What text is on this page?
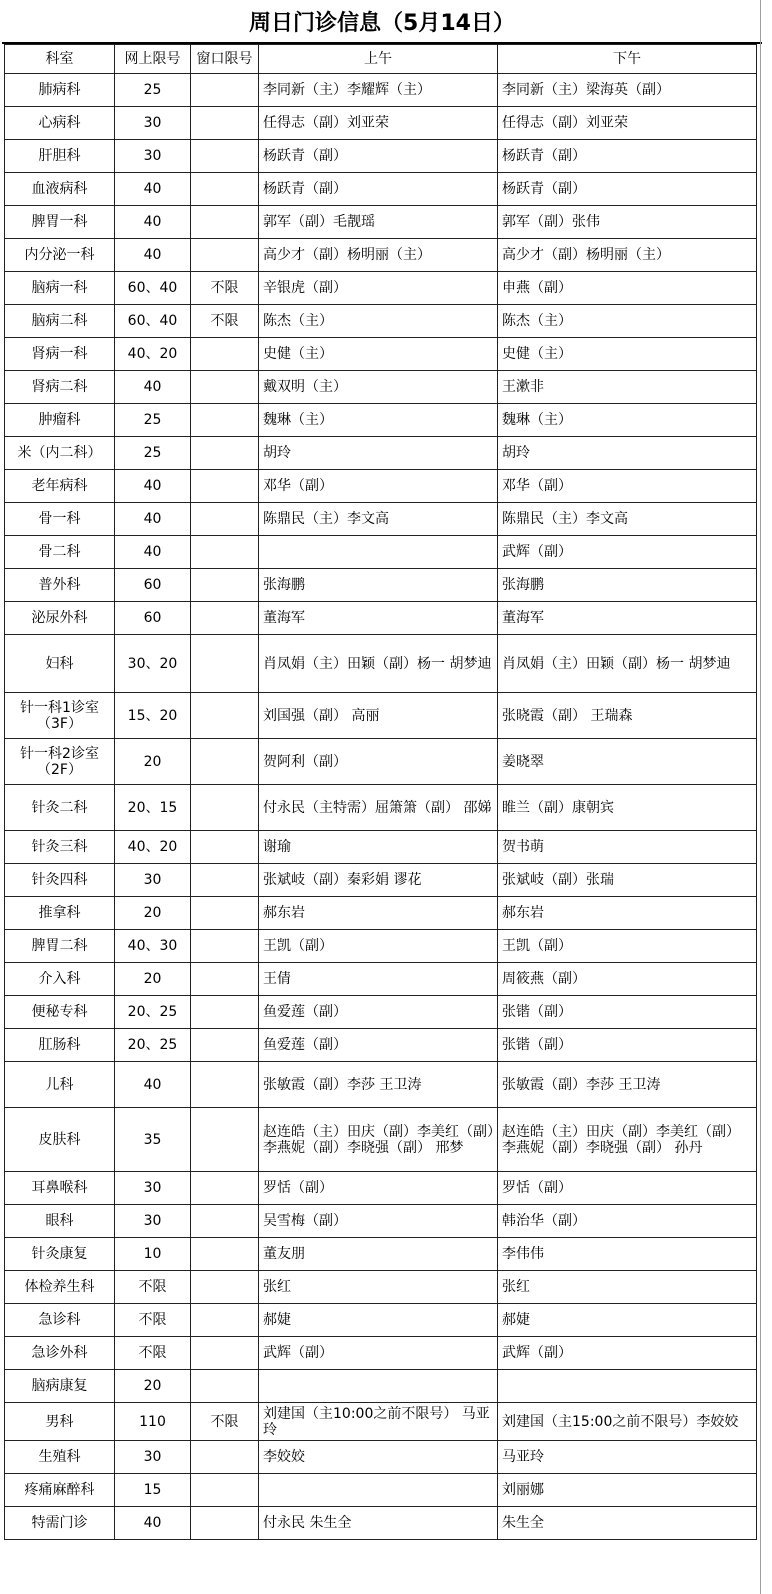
周日门诊信息（5月14日）
科室	网上限号	窗口限号	上午	下午
肺病科	25		李同新（主）李耀辉（主）	李同新（主）梁海英（副）
心病科	30		任得志（副）刘亚荣	任得志（副）刘亚荣
肝胆科	30		杨跃青（副）	杨跃青（副）
血液病科	40		杨跃青（副）	杨跃青（副）
脾胃一科	40		郭军（副）毛靓瑶	郭军（副）张伟
内分泌一科	40		高少才（副）杨明丽（主）	高少才（副）杨明丽（主）
脑病一科	60、40	不限	辛银虎（副）	申燕（副）
脑病二科	60、40	不限	陈杰（主）	陈杰（主）
肾病一科	40、20		史健（主）	史健（主）
肾病二科	40		戴双明（主）	王漱非
肿瘤科	25		魏琳（主）	魏琳（主）
米（内二科）	25		胡玲	胡玲
老年病科	40		邓华（副）	邓华（副）
骨一科	40		陈鼎民（主）李文高	陈鼎民（主）李文高
骨二科	40			武辉（副）
普外科	60		张海鹏	张海鹏
泌尿外科	60		董海军	董海军
妇科	30、20		肖凤娟（主）田颖（副）杨一 胡梦迪	肖凤娟（主）田颖（副）杨一 胡梦迪
针一科1诊室（3F）	15、20		刘国强（副） 高丽	张晓霞（副） 王瑞森
针一科2诊室（2F）	20		贺阿利（副）	姜晓翠
针灸二科	20、15		付永民（主特需）屈箫箫（副） 邵娣	睢兰（副）康朝宾
针灸三科	40、20		谢瑜	贺书萌
针灸四科	30		张斌岐（副）秦彩娟 谬花	张斌岐（副）张瑞
推拿科	20		郝东岩	郝东岩
脾胃二科	40、30		王凯（副）	王凯（副）
介入科	20		王倩	周筱燕（副）
便秘专科	20、25		鱼爱莲（副）	张锴（副）
肛肠科	20、25		鱼爱莲（副）	张锴（副）
儿科	40		张敏霞（副）李莎 王卫涛	张敏霞（副）李莎 王卫涛
皮肤科	35		赵连皓（主）田庆（副）李美红（副）李燕妮（副）李晓强（副） 邢梦	赵连皓（主）田庆（副）李美红（副）李燕妮（副）李晓强（副） 孙丹
耳鼻喉科	30		罗恬（副）	罗恬（副）
眼科	30		吴雪梅（副）	韩治华（副）
针灸康复	10		董友朋	李伟伟
体检养生科	不限		张红	张红
急诊科	不限		郝婕	郝婕
急诊外科	不限		武辉（副）	武辉（副）
脑病康复	20			
男科	110	不限	刘建国（主10:00之前不限号） 马亚玲	刘建国（主15:00之前不限号）李姣姣
生殖科	30		李姣姣	马亚玲
疼痛麻醉科	15			刘丽娜
特需门诊	40		付永民 朱生全	朱生全
